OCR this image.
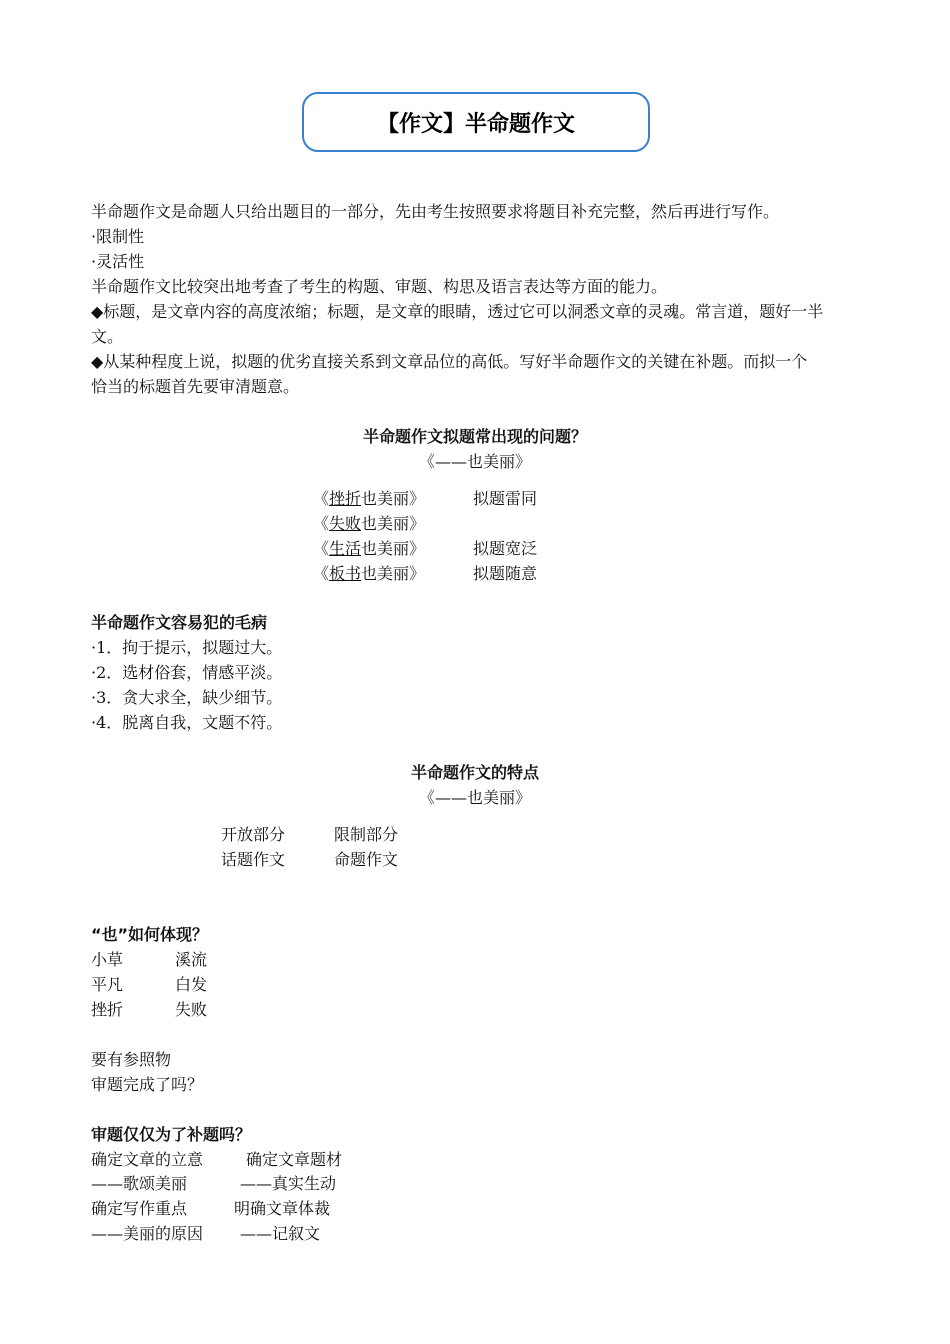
【作文】半命题作文
半命题作文是命题人只给出题目的一部分，先由考生按照要求将题目补充完整，然后再进行写作。
·限制性
·灵活性
半命题作文比较突出地考查了考生的构题、审题、构思及语言表达等方面的能力。
◆标题，是文章内容的高度浓缩；标题，是文章的眼睛，透过它可以洞悉文章的灵魂。常言道，题好一半
文。
◆从某种程度上说，拟题的优劣直接关系到文章品位的高低。写好半命题作文的关键在补题。而拟一个
恰当的标题首先要审清题意。
半命题作文拟题常出现的问题？
《——也美丽》
《挫折也美丽》	拟题雷同
《失败也美丽》
《生活也美丽》	拟题宽泛
《板书也美丽》	拟题随意
半命题作文容易犯的毛病
·1．拘于提示，拟题过大。
·2．选材俗套，情感平淡。
·3．贪大求全，缺少细节。
·4．脱离自我，文题不符。
半命题作文的特点
《——也美丽》
开放部分	限制部分
话题作文	命题作文
“也”如何体现？
小草	溪流
平凡	白发
挫折	失败
要有参照物
审题完成了吗？
审题仅仅为了补题吗？
确定文章的立意	确定文章题材
——歌颂美丽	——真实生动
确定写作重点	明确文章体裁
——美丽的原因 ——记叙文
